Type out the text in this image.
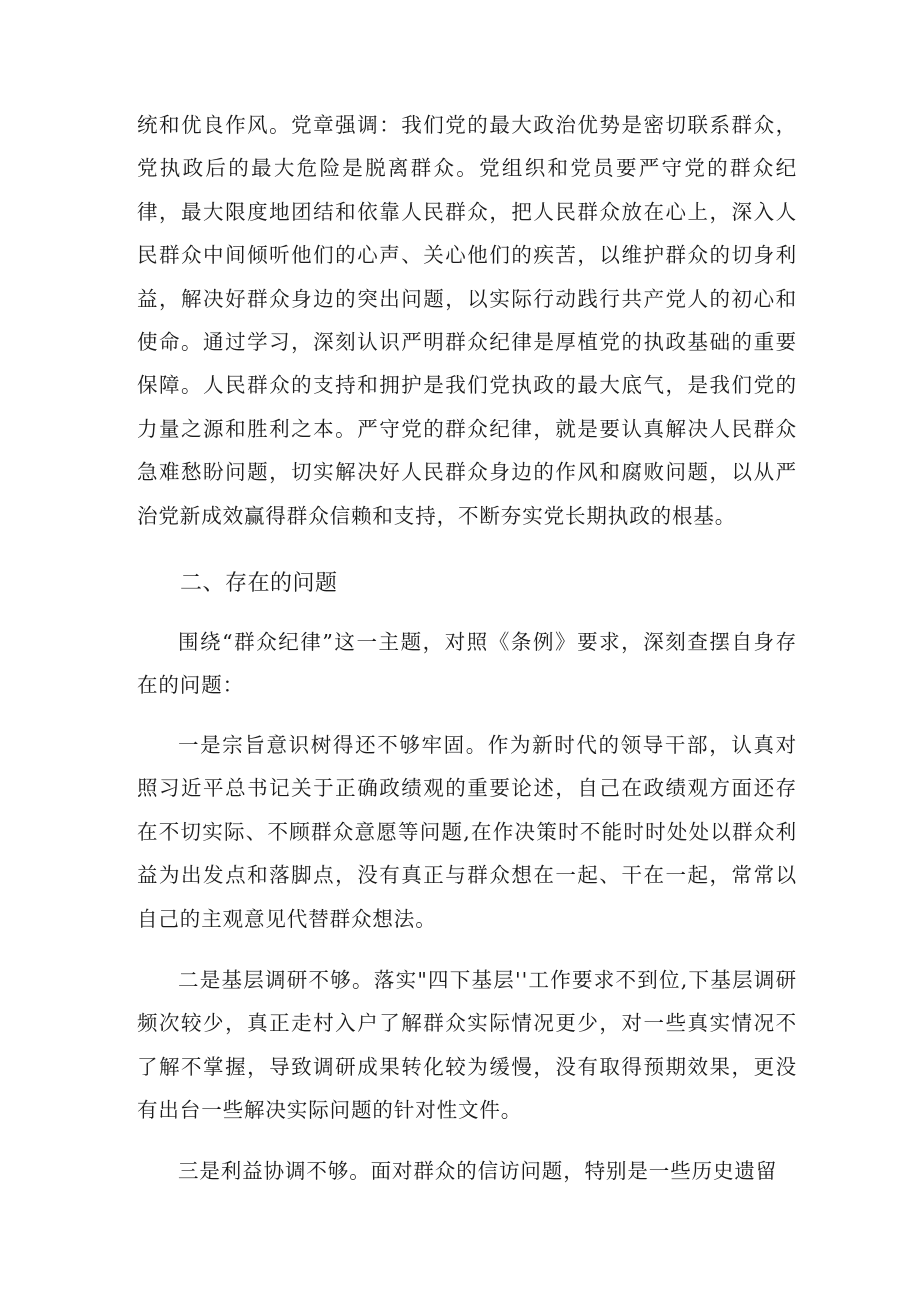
统和优良作风。党章强调：我们党的最大政治优势是密切联系群众，党执政后的最大危险是脱离群众。党组织和党员要严守党的群众纪律，最大限度地团结和依靠人民群众，把人民群众放在心上，深入人民群众中间倾听他们的心声、关心他们的疾苦，以维护群众的切身利益，解决好群众身边的突出问题，以实际行动践行共产党人的初心和使命。通过学习，深刻认识严明群众纪律是厚植党的执政基础的重要保障。人民群众的支持和拥护是我们党执政的最大底气，是我们党的力量之源和胜利之本。严守党的群众纪律，就是要认真解决人民群众急难愁盼问题，切实解决好人民群众身边的作风和腐败问题，以从严治党新成效赢得群众信赖和支持，不断夯实党长期执政的根基。

二、存在的问题

围绕“群众纪律”这一主题，对照《条例》要求，深刻查摆自身存在的问题：

一是宗旨意识树得还不够牢固。作为新时代的领导干部，认真对照习近平总书记关于正确政绩观的重要论述，自己在政绩观方面还存在不切实际、不顾群众意愿等问题,在作决策时不能时时处处以群众利益为出发点和落脚点，没有真正与群众想在一起、干在一起，常常以自己的主观意见代替群众想法。

二是基层调研不够。落实"四下基层''工作要求不到位,下基层调研频次较少，真正走村入户了解群众实际情况更少，对一些真实情况不了解不掌握，导致调研成果转化较为缓慢，没有取得预期效果，更没有出台一些解决实际问题的针对性文件。

三是利益协调不够。面对群众的信访问题，特别是一些历史遗留
